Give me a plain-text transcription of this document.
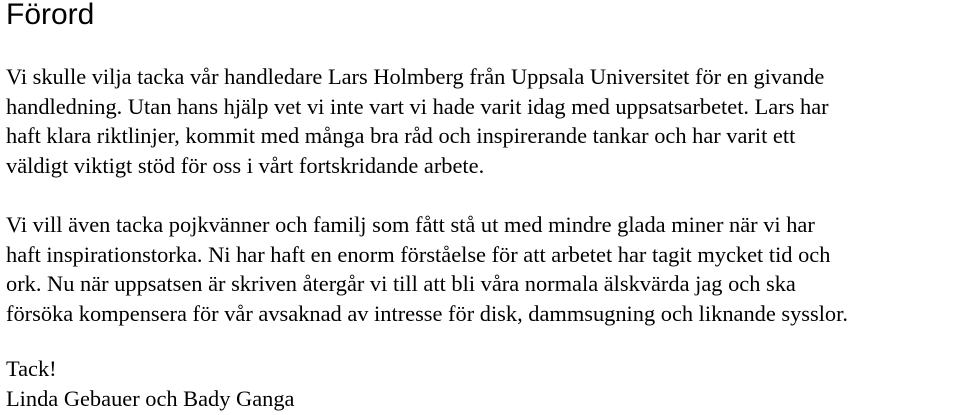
Förord

Vi skulle vilja tacka vår handledare Lars Holmberg från Uppsala Universitet för en givande
handledning. Utan hans hjälp vet vi inte vart vi hade varit idag med uppsatsarbetet. Lars har
haft klara riktlinjer, kommit med många bra råd och inspirerande tankar och har varit ett
väldigt viktigt stöd för oss i vårt fortskridande arbete.

Vi vill även tacka pojkvänner och familj som fått stå ut med mindre glada miner när vi har
haft inspirationstorka. Ni har haft en enorm förståelse för att arbetet har tagit mycket tid och
ork. Nu när uppsatsen är skriven återgår vi till att bli våra normala älskvärda jag och ska
försöka kompensera för vår avsaknad av intresse för disk, dammsugning och liknande sysslor.

Tack!
Linda Gebauer och Bady Ganga
